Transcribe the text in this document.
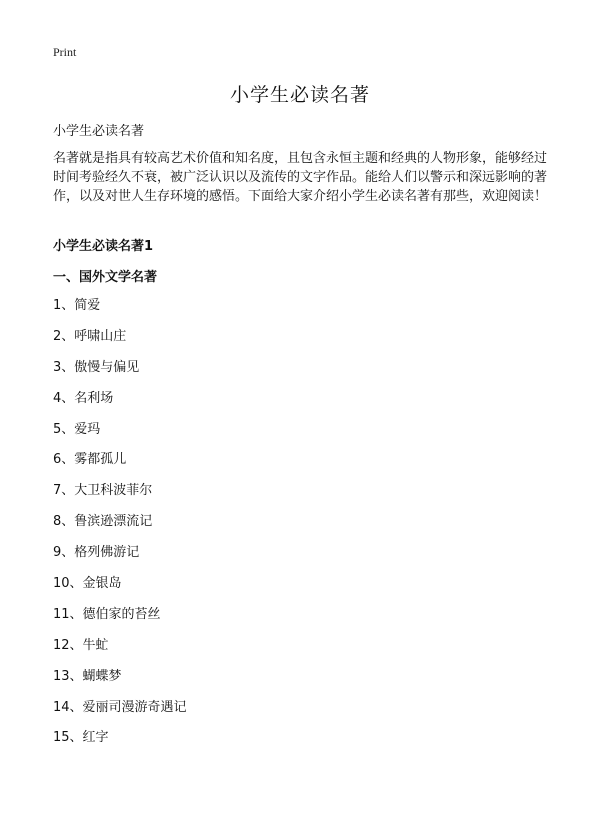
Print
小学生必读名著
小学生必读名著

名著就是指具有较高艺术价值和知名度，且包含永恒主题和经典的人物形象，能够经过时间考验经久不衰，被广泛认识以及流传的文字作品。能给人们以警示和深远影响的著作，以及对世人生存环境的感悟。下面给大家介绍小学生必读名著有那些，欢迎阅读！

小学生必读名著1
一、国外文学名著
1、简爱
2、呼啸山庄
3、傲慢与偏见
4、名利场
5、爱玛
6、雾都孤儿
7、大卫科波菲尔
8、鲁滨逊漂流记
9、格列佛游记
10、金银岛
11、德伯家的苔丝
12、牛虻
13、蝴蝶梦
14、爱丽司漫游奇遇记
15、红字
